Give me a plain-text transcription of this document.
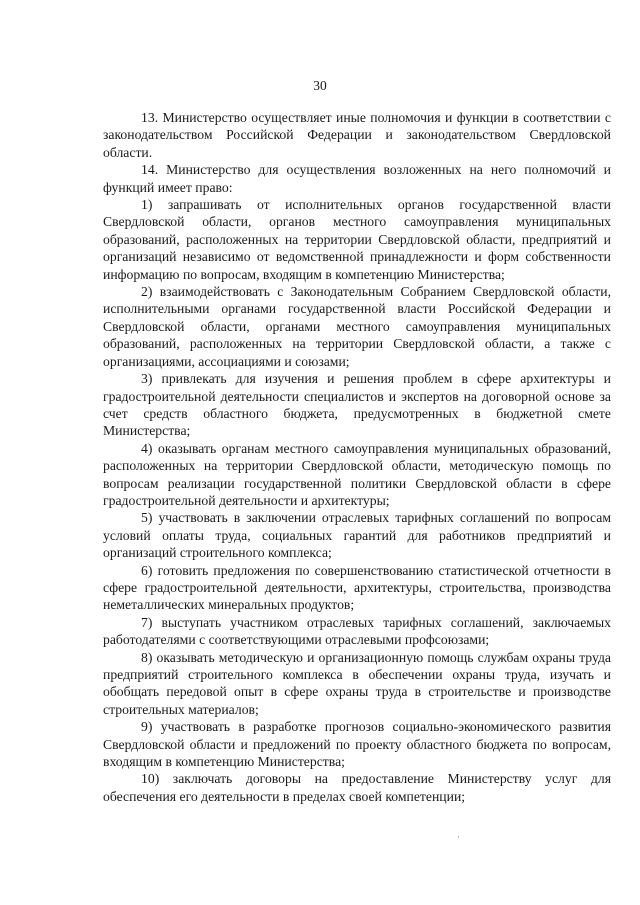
30

13. Министерство осуществляет иные полномочия и функции в соответствии с законодательством Российской Федерации и законодательством Свердловской области.

14. Министерство для осуществления возложенных на него полномочий и функций имеет право:

1) запрашивать от исполнительных органов государственной власти Свердловской области, органов местного самоуправления муниципальных образований, расположенных на территории Свердловской области, предприятий и организаций независимо от ведомственной принадлежности и форм собственности информацию по вопросам, входящим в компетенцию Министерства;

2) взаимодействовать с Законодательным Собранием Свердловской области, исполнительными органами государственной власти Российской Федерации и Свердловской области, органами местного самоуправления муниципальных образований, расположенных на территории Свердловской области, а также с организациями, ассоциациями и союзами;

3) привлекать для изучения и решения проблем в сфере архитектуры и градостроительной деятельности специалистов и экспертов на договорной основе за счет средств областного бюджета, предусмотренных в бюджетной смете Министерства;

4) оказывать органам местного самоуправления муниципальных образований, расположенных на территории Свердловской области, методическую помощь по вопросам реализации государственной политики Свердловской области в сфере градостроительной деятельности и архитектуры;

5) участвовать в заключении отраслевых тарифных соглашений по вопросам условий оплаты труда, социальных гарантий для работников предприятий и организаций строительного комплекса;

6) готовить предложения по совершенствованию статистической отчетности в сфере градостроительной деятельности, архитектуры, строительства, производства неметаллических минеральных продуктов;

7) выступать участником отраслевых тарифных соглашений, заключаемых работодателями с соответствующими отраслевыми профсоюзами;

8) оказывать методическую и организационную помощь службам охраны труда предприятий строительного комплекса в обеспечении охраны труда, изучать и обобщать передовой опыт в сфере охраны труда в строительстве и производстве строительных материалов;

9) участвовать в разработке прогнозов социально-экономического развития Свердловской области и предложений по проекту областного бюджета по вопросам, входящим в компетенцию Министерства;

10) заключать договоры на предоставление Министерству услуг для обеспечения его деятельности в пределах своей компетенции;
